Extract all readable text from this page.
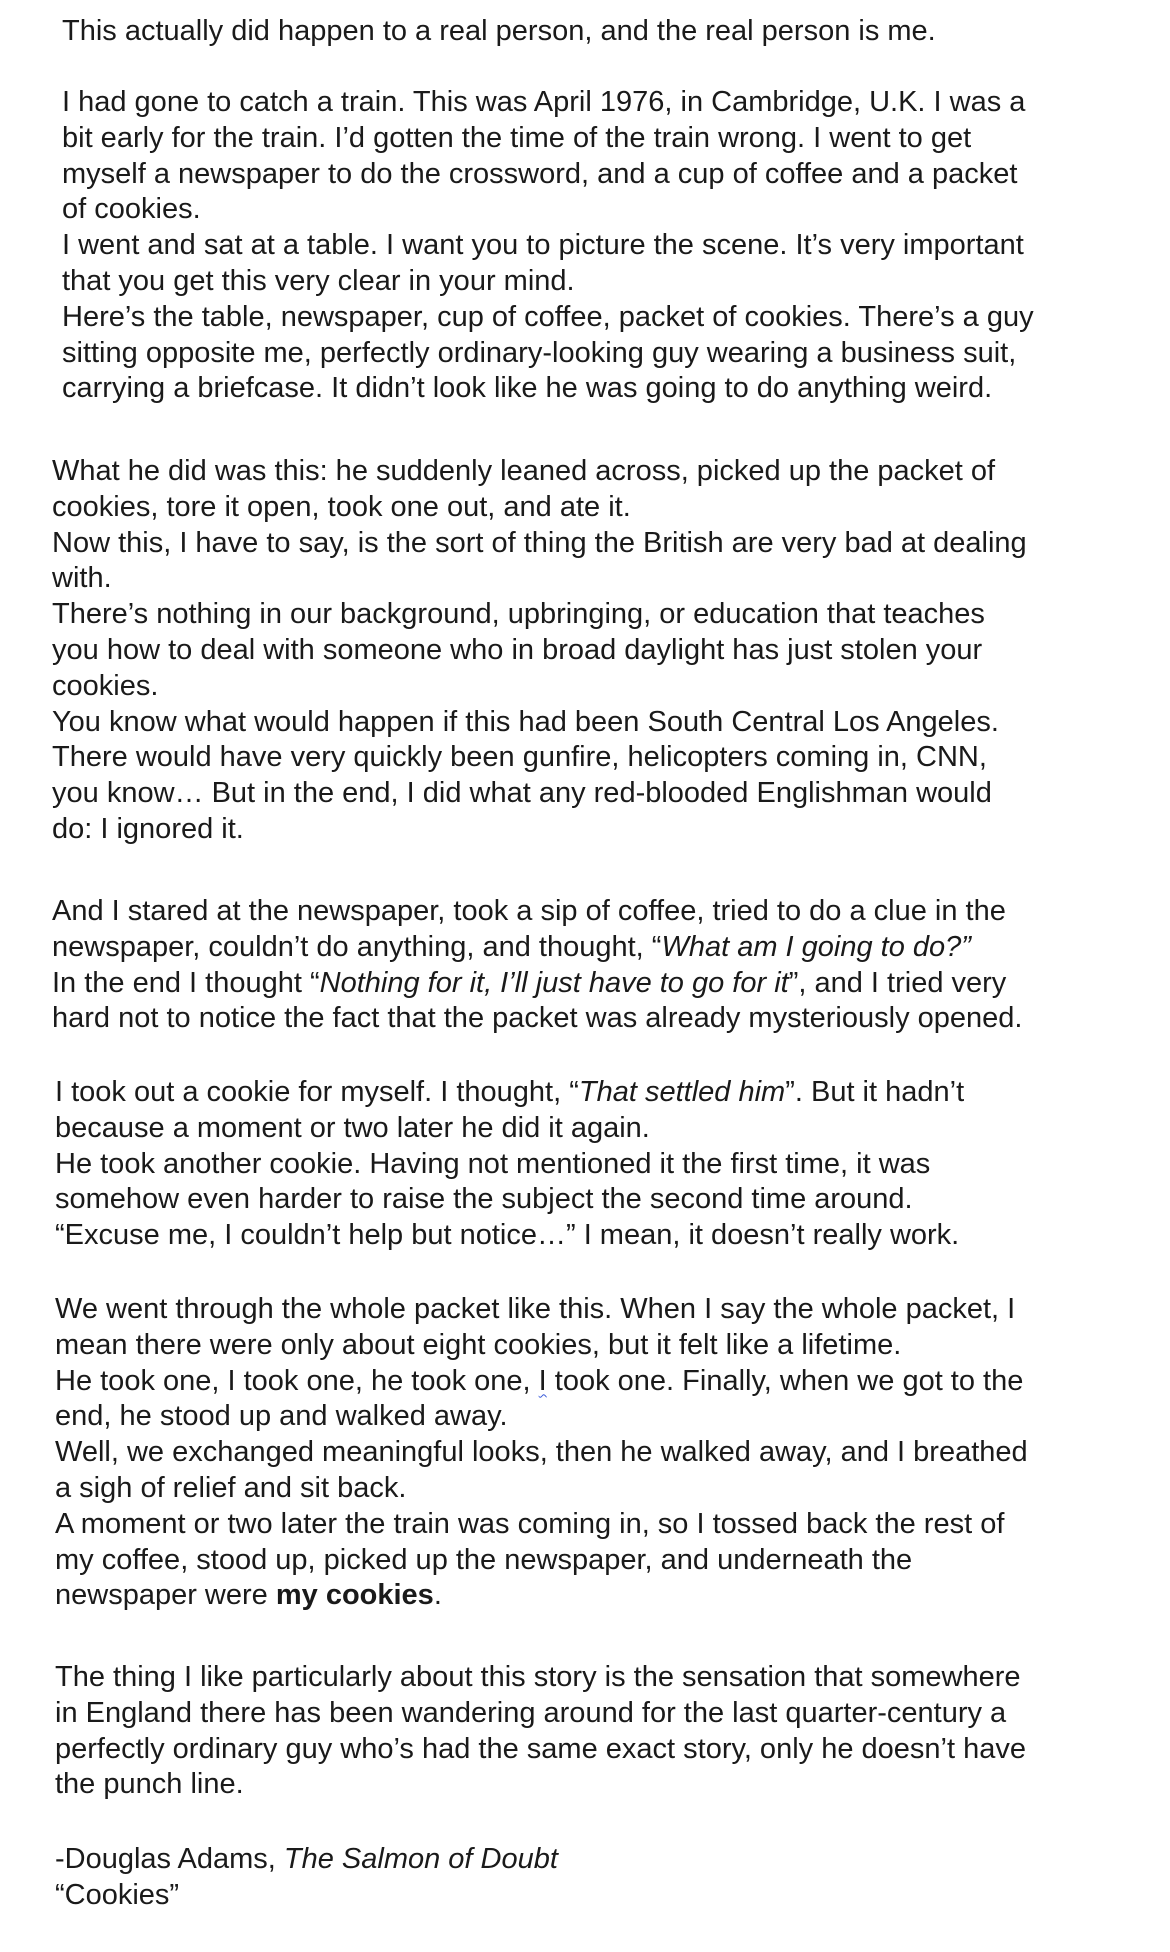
This actually did happen to a real person, and the real person is me.
I had gone to catch a train. This was April 1976, in Cambridge, U.K. I was a
bit early for the train. I’d gotten the time of the train wrong. I went to get
myself a newspaper to do the crossword, and a cup of coffee and a packet
of cookies.
I went and sat at a table. I want you to picture the scene. It’s very important
that you get this very clear in your mind.
Here’s the table, newspaper, cup of coffee, packet of cookies. There’s a guy
sitting opposite me, perfectly ordinary-looking guy wearing a business suit,
carrying a briefcase. It didn’t look like he was going to do anything weird.
What he did was this: he suddenly leaned across, picked up the packet of
cookies, tore it open, took one out, and ate it.
Now this, I have to say, is the sort of thing the British are very bad at dealing
with.
There’s nothing in our background, upbringing, or education that teaches
you how to deal with someone who in broad daylight has just stolen your
cookies.
You know what would happen if this had been South Central Los Angeles.
There would have very quickly been gunfire, helicopters coming in, CNN,
you know… But in the end, I did what any red-blooded Englishman would
do: I ignored it.
And I stared at the newspaper, took a sip of coffee, tried to do a clue in the
newspaper, couldn’t do anything, and thought, “What am I going to do?”
In the end I thought “Nothing for it, I’ll just have to go for it”, and I tried very
hard not to notice the fact that the packet was already mysteriously opened.
I took out a cookie for myself. I thought, “That settled him”. But it hadn’t
because a moment or two later he did it again.
He took another cookie. Having not mentioned it the first time, it was
somehow even harder to raise the subject the second time around.
“Excuse me, I couldn’t help but notice…” I mean, it doesn’t really work.
We went through the whole packet like this. When I say the whole packet, I
mean there were only about eight cookies, but it felt like a lifetime.
He took one, I took one, he took one, I took one. Finally, when we got to the
end, he stood up and walked away.
Well, we exchanged meaningful looks, then he walked away, and I breathed
a sigh of relief and sit back.
A moment or two later the train was coming in, so I tossed back the rest of
my coffee, stood up, picked up the newspaper, and underneath the
newspaper were my cookies.
The thing I like particularly about this story is the sensation that somewhere
in England there has been wandering around for the last quarter-century a
perfectly ordinary guy who’s had the same exact story, only he doesn’t have
the punch line.
-Douglas Adams, The Salmon of Doubt
“Cookies”
